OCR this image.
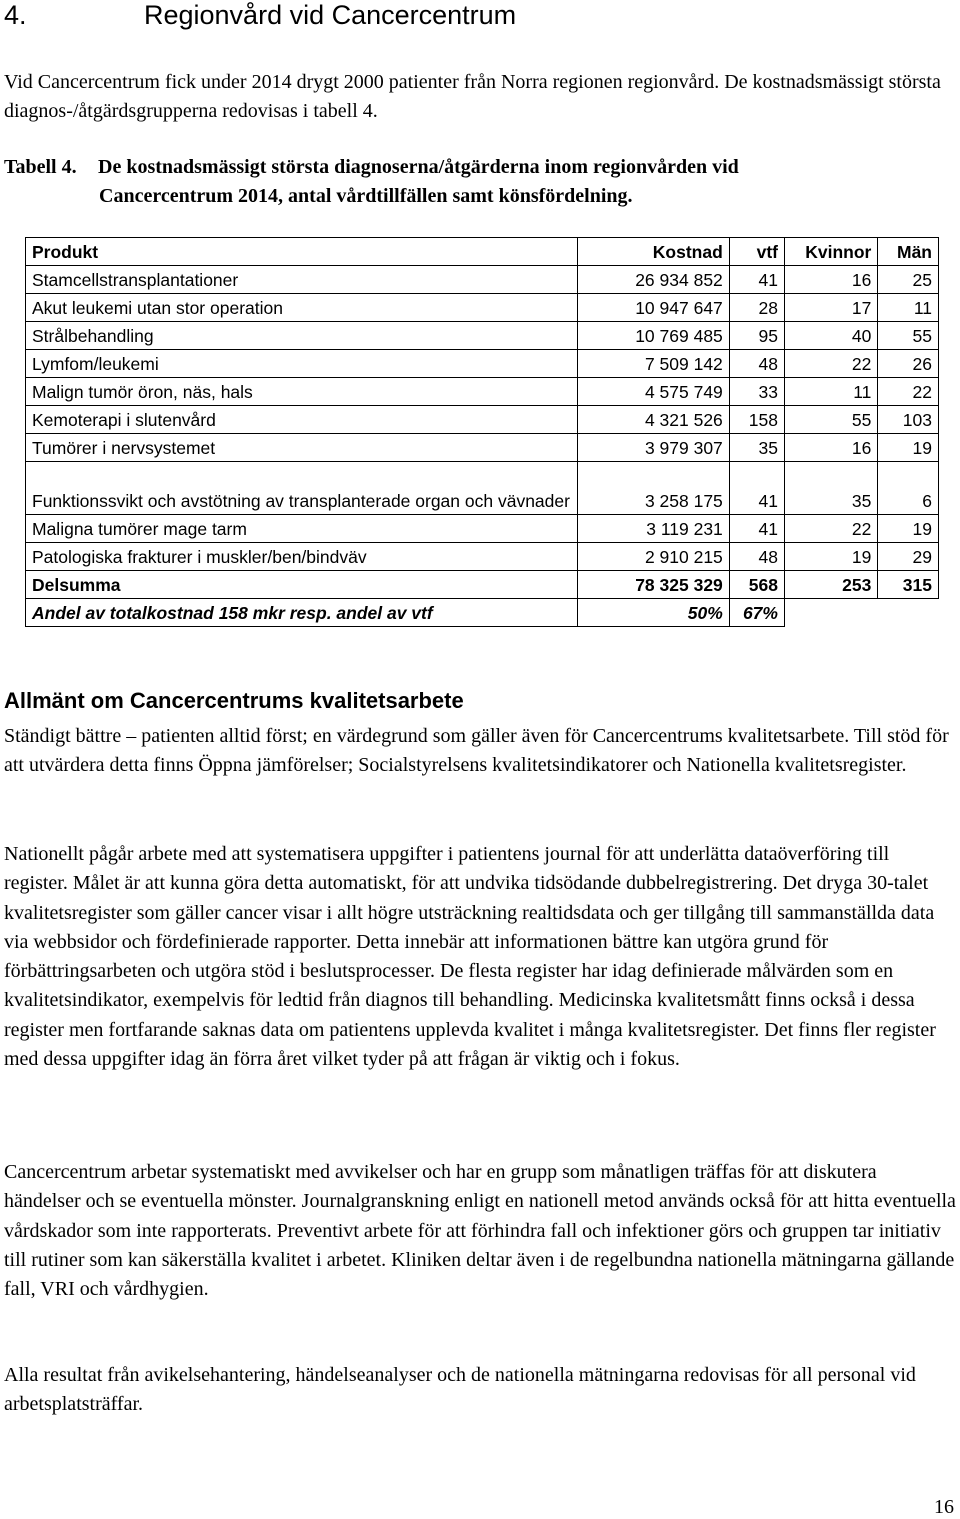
4.	Regionvård vid Cancercentrum

Vid Cancercentrum fick under 2014 drygt 2000 patienter från Norra regionen regionvård. De kostnadsmässigt största diagnos-/åtgärdsgrupperna redovisas i tabell 4.

Tabell 4. De kostnadsmässigt största diagnoserna/åtgärderna inom regionvården vid
Cancercentrum 2014, antal vårdtillfällen samt könsfördelning.
Produkt	Kostnad	vtf	Kvinnor	Män
Stamcellstransplantationer	26 934 852	41	16	25
Akut leukemi utan stor operation	10 947 647	28	17	11
Strålbehandling	10 769 485	95	40	55
Lymfom/leukemi	7 509 142	48	22	26
Malign tumör öron, näs, hals	4 575 749	33	11	22
Kemoterapi i slutenvård	4 321 526	158	55	103
Tumörer i nervsystemet	3 979 307	35	16	19
Funktionssvikt och avstötning av transplanterade organ och vävnader	3 258 175	41	35	6
Maligna tumörer mage tarm	3 119 231	41	22	19
Patologiska frakturer i muskler/ben/bindväv	2 910 215	48	19	29
Delsumma	78 325 329	568	253	315
Andel av totalkostnad 158 mkr resp. andel av vtf	50%	67%		
Allmänt om Cancercentrums kvalitetsarbete

Ständigt bättre – patienten alltid först; en värdegrund som gäller även för Cancercentrums kvalitetsarbete. Till stöd för att utvärdera detta finns Öppna jämförelser; Socialstyrelsens kvalitetsindikatorer och Nationella kvalitetsregister.

Nationellt pågår arbete med att systematisera uppgifter i patientens journal för att underlätta dataöverföring till register. Målet är att kunna göra detta automatiskt, för att undvika tidsödande dubbelregistrering. Det dryga 30-talet kvalitetsregister som gäller cancer visar i allt högre utsträckning realtidsdata och ger tillgång till sammanställda data via webbsidor och fördefinierade rapporter. Detta innebär att informationen bättre kan utgöra grund för förbättringsarbeten och utgöra stöd i beslutsprocesser. De flesta register har idag definierade målvärden som en kvalitetsindikator, exempelvis för ledtid från diagnos till behandling. Medicinska kvalitetsmått finns också i dessa register men fortfarande saknas data om patientens upplevda kvalitet i många kvalitetsregister. Det finns fler register med dessa uppgifter idag än förra året vilket tyder på att frågan är viktig och i fokus.

Cancercentrum arbetar systematiskt med avvikelser och har en grupp som månatligen träffas för att diskutera händelser och se eventuella mönster. Journalgranskning enligt en nationell metod används också för att hitta eventuella vårdskador som inte rapporterats. Preventivt arbete för att förhindra fall och infektioner görs och gruppen tar initiativ till rutiner som kan säkerställa kvalitet i arbetet. Kliniken deltar även i de regelbundna nationella mätningarna gällande fall, VRI och vårdhygien.

Alla resultat från avikelsehantering, händelseanalyser och de nationella mätningarna redovisas för all personal vid arbetsplatsträffar.

16
